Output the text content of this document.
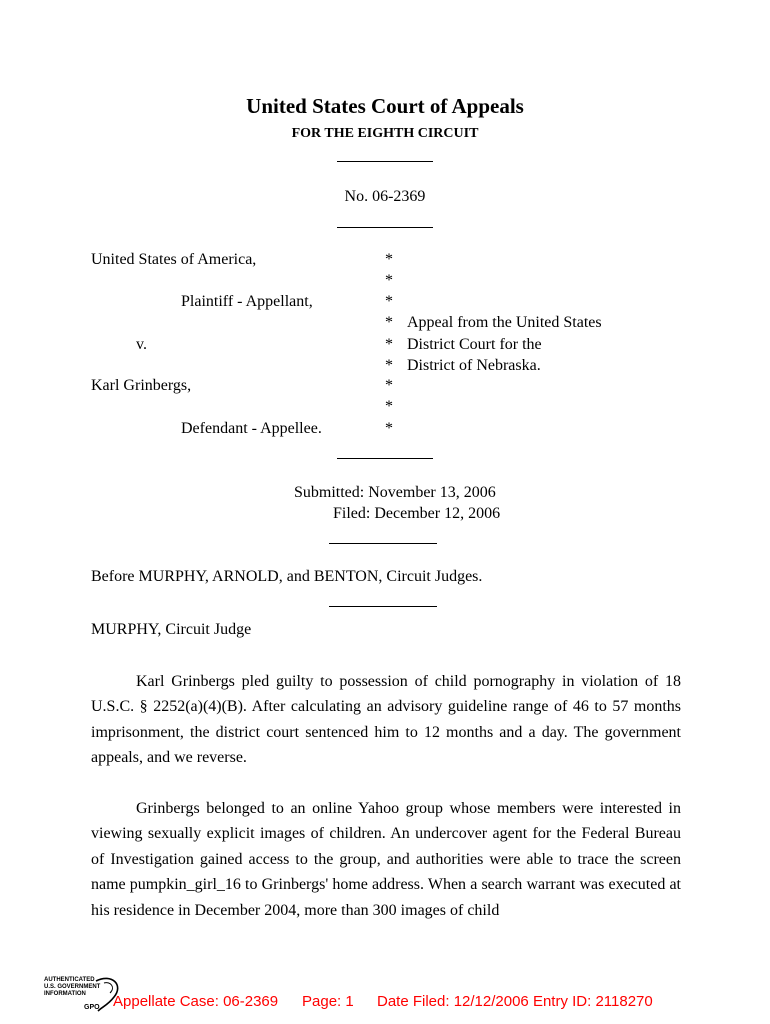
United States Court of Appeals
FOR THE EIGHTH CIRCUIT
No. 06-2369
United States of America,
Plaintiff - Appellant,
v.
Karl Grinbergs,
Defendant - Appellee.
*
*
*
*
*
*
*
*
*
Appeal from the United States
District Court for the
District of Nebraska.
Submitted: November 13, 2006
Filed: December 12, 2006
Before MURPHY, ARNOLD, and BENTON, Circuit Judges.
MURPHY, Circuit Judge

Karl Grinbergs pled guilty to possession of child pornography in violation of 18 U.S.C. § 2252(a)(4)(B). After calculating an advisory guideline range of 46 to 57 months imprisonment, the district court sentenced him to 12 months and a day. The government appeals, and we reverse.

Grinbergs belonged to an online Yahoo group whose members were interested in viewing sexually explicit images of children. An undercover agent for the Federal Bureau of Investigation gained access to the group, and authorities were able to trace the screen name pumpkin_girl_16 to Grinbergs' home address. When a search warrant was executed at his residence in December 2004, more than 300 images of child

AUTHENTICATED
U.S. GOVERNMENT
INFORMATION
GPO Appellate Case: 06-2369 Page: 1 Date Filed: 12/12/2006 Entry ID: 2118270
